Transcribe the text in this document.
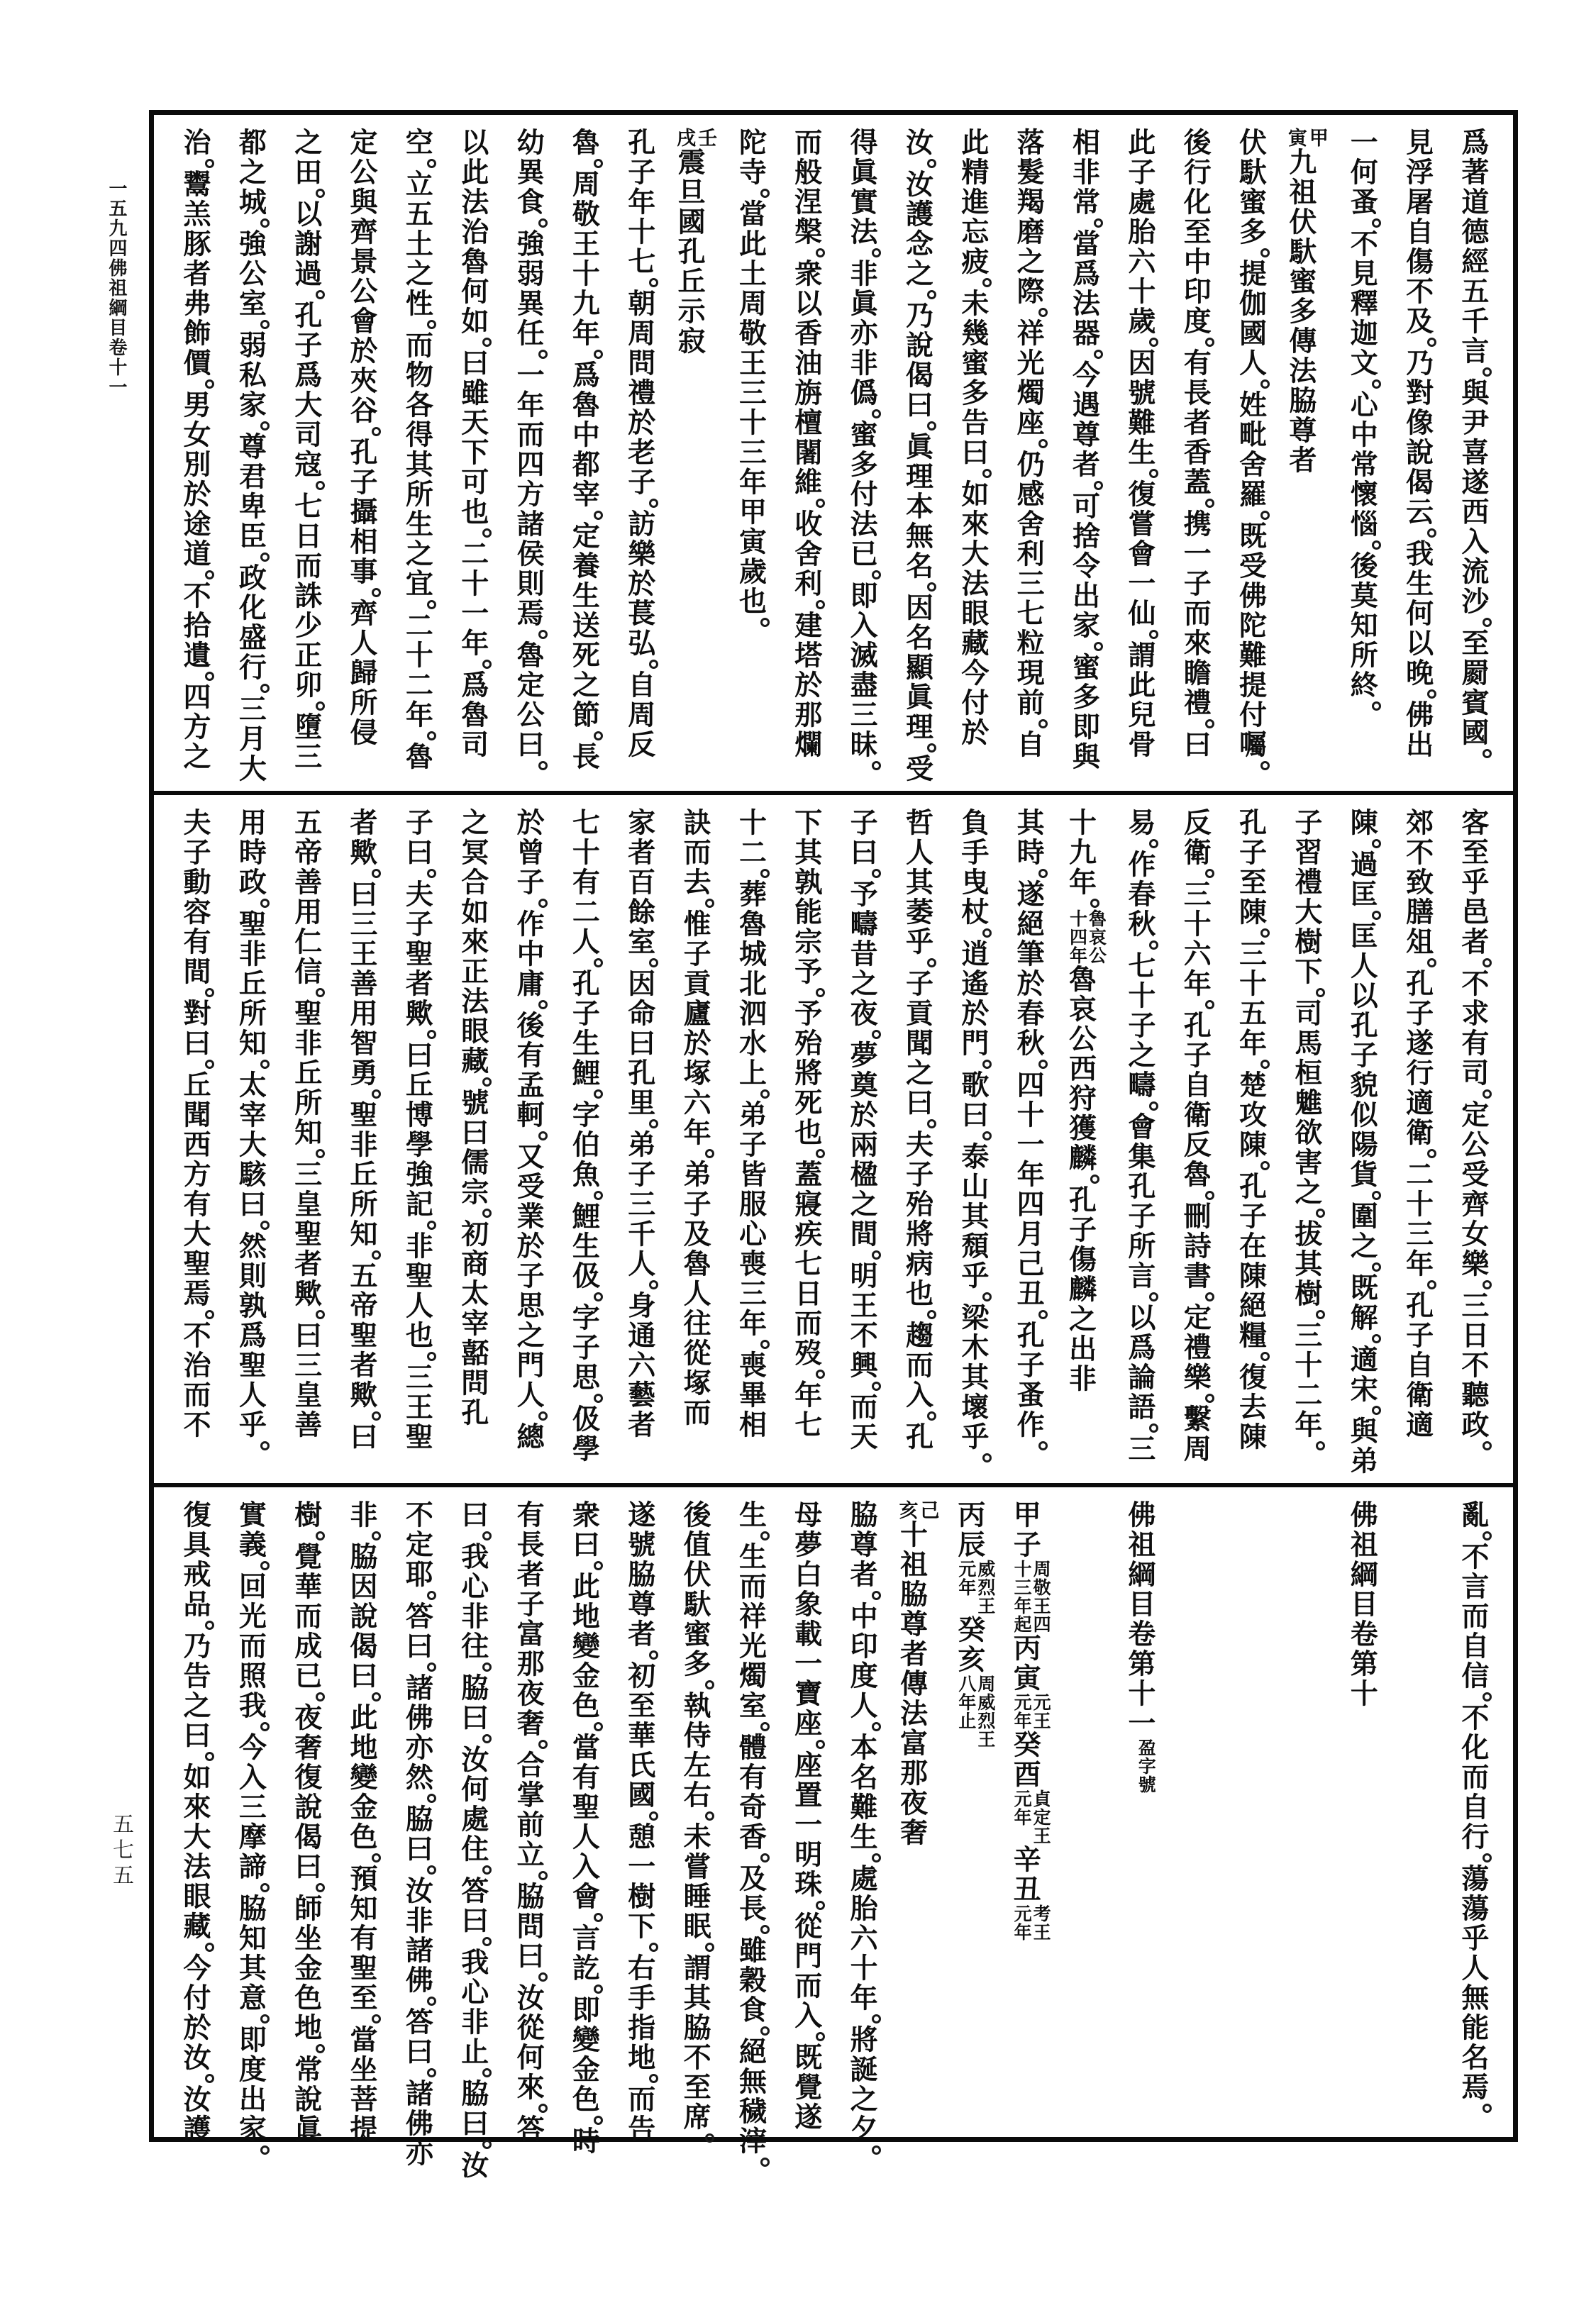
一五九四
佛祖綱目卷十一
五七五
爲著道德經五千言與尹喜遂西入流沙至罽賓國
見浮屠自傷不及乃對像說偈云我生何以晚佛出
一何蚤不見釋迦文心中常懷惱後莫知所終
甲
寅
九祖伏馱蜜多傳法脇尊者
伏馱蜜多提伽國人姓毗舍羅既受佛陀難提付囑
後行化至中印度有長者香蓋携一子而來瞻禮曰
此子處胎六十歲因號難生復嘗會一仙謂此兒骨
相非常當爲法器今遇尊者可捨令出家蜜多即與
落髮羯磨之際祥光燭座仍感舍利三七粒現前自
此精進忘疲未幾蜜多告曰如來大法眼藏今付於
汝汝護念之乃說偈曰眞理本無名因名顯眞理受
得眞實法非眞亦非僞蜜多付法已即入滅盡三昧
而般涅槃衆以香油旃檀闍維收舍利建塔於那爛
陀寺當此土周敬王三十三年甲寅歲也
壬
戌
震旦國孔丘示寂
孔子年十七朝周問禮於老子訪樂於萇弘自周反
魯周敬王十九年爲魯中都宰定養生送死之節長
幼異食強弱異任一年而四方諸侯則焉魯定公曰
以此法治魯何如曰雖天下可也二十一年爲魯司
空立五土之性而物各得其所生之宜二十二年魯
定公與齊景公會於夾谷孔子攝相事齊人歸所侵
之田以謝過孔子爲大司寇七日而誅少正卯墮三
都之城強公室弱私家尊君卑臣政化盛行三月大
治鬻羔豚者弗飾價男女別於途道不拾遺四方之
客至乎邑者不求有司定公受齊女樂三日不聽政
郊不致膳俎孔子遂行適衛二十三年孔子自衛適
陳過匡匡人以孔子貌似陽貨圍之既解適宋與弟
子習禮大樹下司馬桓魋欲害之拔其樹三十二年
孔子至陳三十五年楚攻陳孔子在陳絕糧復去陳
反衛三十六年孔子自衛反魯刪詩書定禮樂繫周
易作春秋七十子之疇會集孔子所言以爲論語三
十九年
魯哀公
十四年
魯哀公西狩獲麟孔子傷麟之出非
其時遂絕筆於春秋四十一年四月己丑孔子蚤作
負手曳杖逍遙於門歌曰泰山其頹乎梁木其壞乎
哲人其萎乎子貢聞之曰夫子殆將病也趨而入孔
子曰予疇昔之夜夢奠於兩楹之間明王不興而天
下其孰能宗予予殆將死也蓋寢疾七日而歿年七
十二葬魯城北泗水上弟子皆服心喪三年喪畢相
訣而去惟子貢廬於塚六年弟子及魯人往從塚而
家者百餘室因命曰孔里弟子三千人身通六藝者
七十有二人孔子生鯉字伯魚鯉生伋字子思伋學
於曾子作中庸後有孟軻又受業於子思之門人總
之冥合如來正法眼藏號曰儒宗初商太宰嚭問孔
子曰夫子聖者歟曰丘博學強記非聖人也三王聖
者歟曰三王善用智勇聖非丘所知五帝聖者歟曰
五帝善用仁信聖非丘所知三皇聖者歟曰三皇善
用時政聖非丘所知太宰大駭曰然則孰爲聖人乎
夫子動容有間對曰丘聞西方有大聖焉不治而不
亂不言而自信不化而自行蕩蕩乎人無能名焉
佛祖綱目卷第十
佛祖綱目卷第十一
盈字號
甲子
周敬王四
十三年起
丙寅
元王
元年
癸酉
貞定王
元年
辛丑
考王
元年
丙辰
威烈王
元年
癸亥
周威烈王
八年止
己
亥
十祖脇尊者傳法富那夜奢
脇尊者中印度人本名難生處胎六十年將誕之夕
母夢白象載一寶座座置一明珠從門而入既覺遂
生生而祥光燭室體有奇香及長雖穀食絕無穢滓
後值伏馱蜜多執侍左右未嘗睡眠謂其脇不至席
遂號脇尊者初至華氏國憩一樹下右手指地而告
衆曰此地變金色當有聖人入會言訖即變金色時
有長者子富那夜奢合掌前立脇問曰汝從何來答
曰我心非往脇曰汝何處住答曰我心非止脇曰汝
不定耶答曰諸佛亦然脇曰汝非諸佛答曰諸佛亦
非脇因說偈曰此地變金色預知有聖至當坐菩提
樹覺華而成已夜奢復說偈曰師坐金色地常說眞
實義回光而照我今入三摩諦脇知其意即度出家
復具戒品乃告之曰如來大法眼藏今付於汝汝護
